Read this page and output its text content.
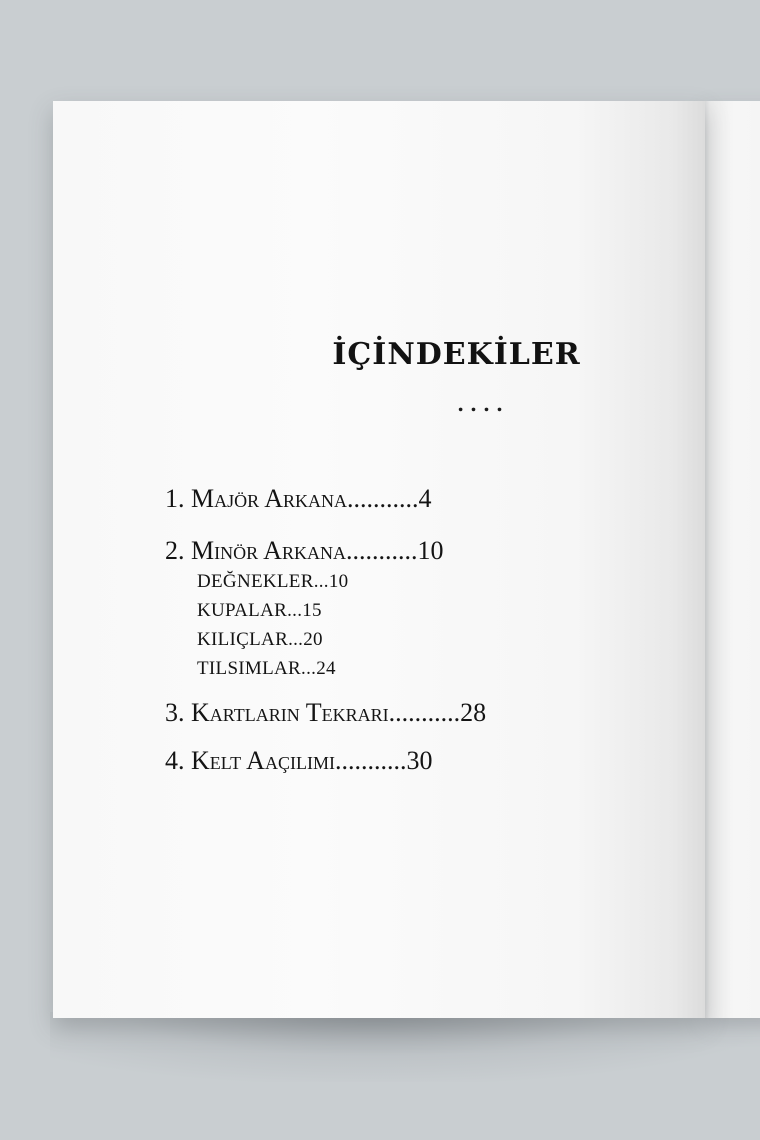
İÇİNDEKİLER
....
1. Majör Arkana...........4
2. Minör Arkana...........10
DEĞNEKLER...10
KUPALAR...15
KILIÇLAR...20
TILSIMLAR...24
3. Kartların Tekrarı...........28
4. Kelt Aaçılımı...........30
